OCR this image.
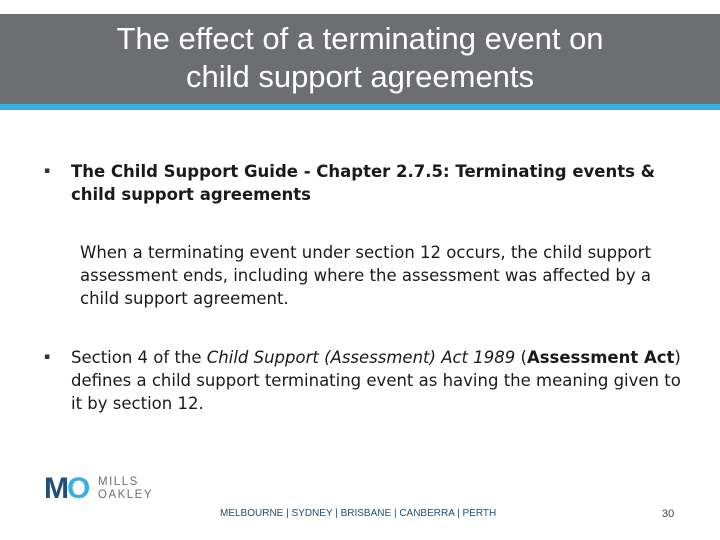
The effect of a terminating event on
child support agreements
▪ The Child Support Guide - Chapter 2.7.5: Terminating events & child support agreements
When a terminating event under section 12 occurs, the child support assessment ends, including where the assessment was affected by a child support agreement.
▪ Section 4 of the Child Support (Assessment) Act 1989 (Assessment Act) defines a child support terminating event as having the meaning given to it by section 12.
MO MILLS
OAKLEY
MELBOURNE | SYDNEY | BRISBANE | CANBERRA | PERTH	30
